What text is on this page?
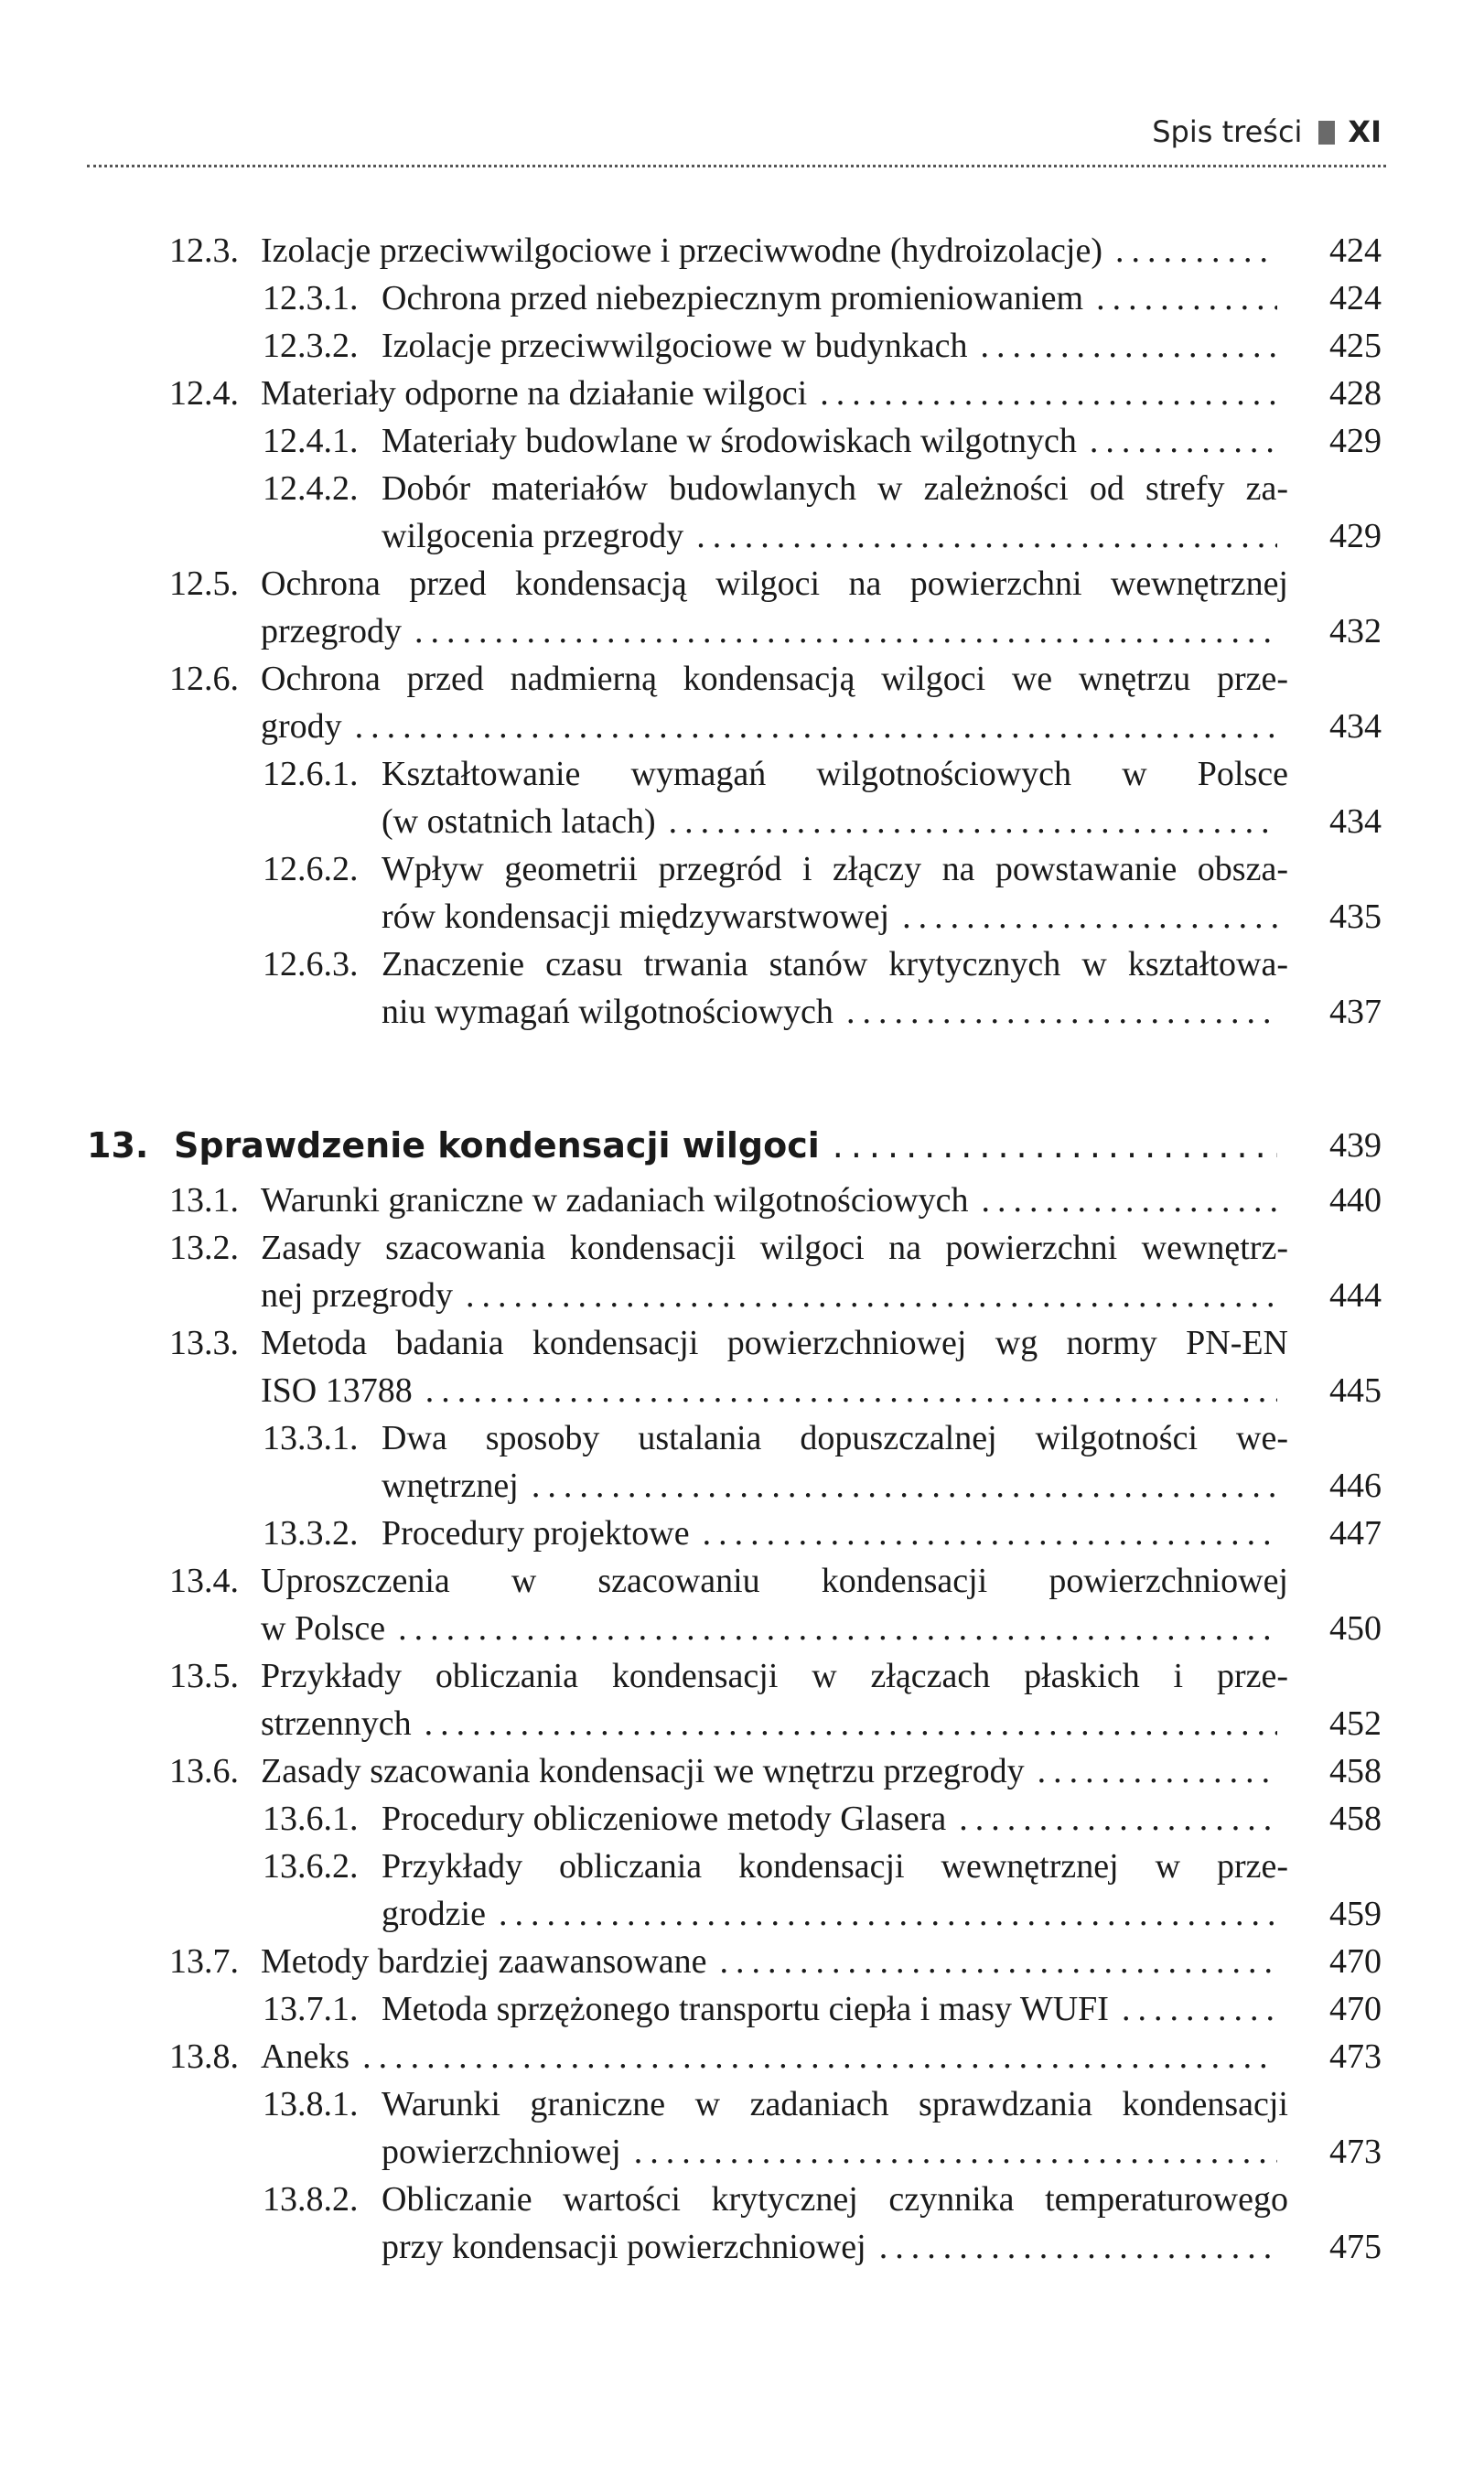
Spis treści XI
12.3. Izolacje przeciwwilgociowe i przeciwwodne (hydroizolacje) .....	424
12.3.1. Ochrona przed niebezpiecznym promieniowaniem .....	424
12.3.2. Izolacje przeciwwilgociowe w budynkach .....	425
12.4. Materiały odporne na działanie wilgoci .....	428
12.4.1. Materiały budowlane w środowiskach wilgotnych .....	429
12.4.2. Dobór materiałów budowlanych w zależności od strefy za-
wilgocenia przegrody .....	429
12.5. Ochrona przed kondensacją wilgoci na powierzchni wewnętrznej
przegrody .....	432
12.6. Ochrona przed nadmierną kondensacją wilgoci we wnętrzu prze-
grody .....	434
12.6.1. Kształtowanie wymagań wilgotnościowych w Polsce
(w ostatnich latach) .....	434
12.6.2. Wpływ geometrii przegród i złączy na powstawanie obsza-
rów kondensacji międzywarstwowej .....	435
12.6.3. Znaczenie czasu trwania stanów krytycznych w kształtowa-
niu wymagań wilgotnościowych .....	437
13. Sprawdzenie kondensacji wilgoci .....	439
13.1. Warunki graniczne w zadaniach wilgotnościowych .....	440
13.2. Zasady szacowania kondensacji wilgoci na powierzchni wewnętrz-
nej przegrody .....	444
13.3. Metoda badania kondensacji powierzchniowej wg normy PN-EN
ISO 13788 .....	445
13.3.1. Dwa sposoby ustalania dopuszczalnej wilgotności we-
wnętrznej .....	446
13.3.2. Procedury projektowe .....	447
13.4. Uproszczenia w szacowaniu kondensacji powierzchniowej
w Polsce .....	450
13.5. Przykłady obliczania kondensacji w złączach płaskich i prze-
strzennych .....	452
13.6. Zasady szacowania kondensacji we wnętrzu przegrody .....	458
13.6.1. Procedury obliczeniowe metody Glasera .....	458
13.6.2. Przykłady obliczania kondensacji wewnętrznej w prze-
grodzie .....	459
13.7. Metody bardziej zaawansowane .....	470
13.7.1. Metoda sprzężonego transportu ciepła i masy WUFI .....	470
13.8. Aneks .....	473
13.8.1. Warunki graniczne w zadaniach sprawdzania kondensacji
powierzchniowej .....	473
13.8.2. Obliczanie wartości krytycznej czynnika temperaturowego
przy kondensacji powierzchniowej .....	475
